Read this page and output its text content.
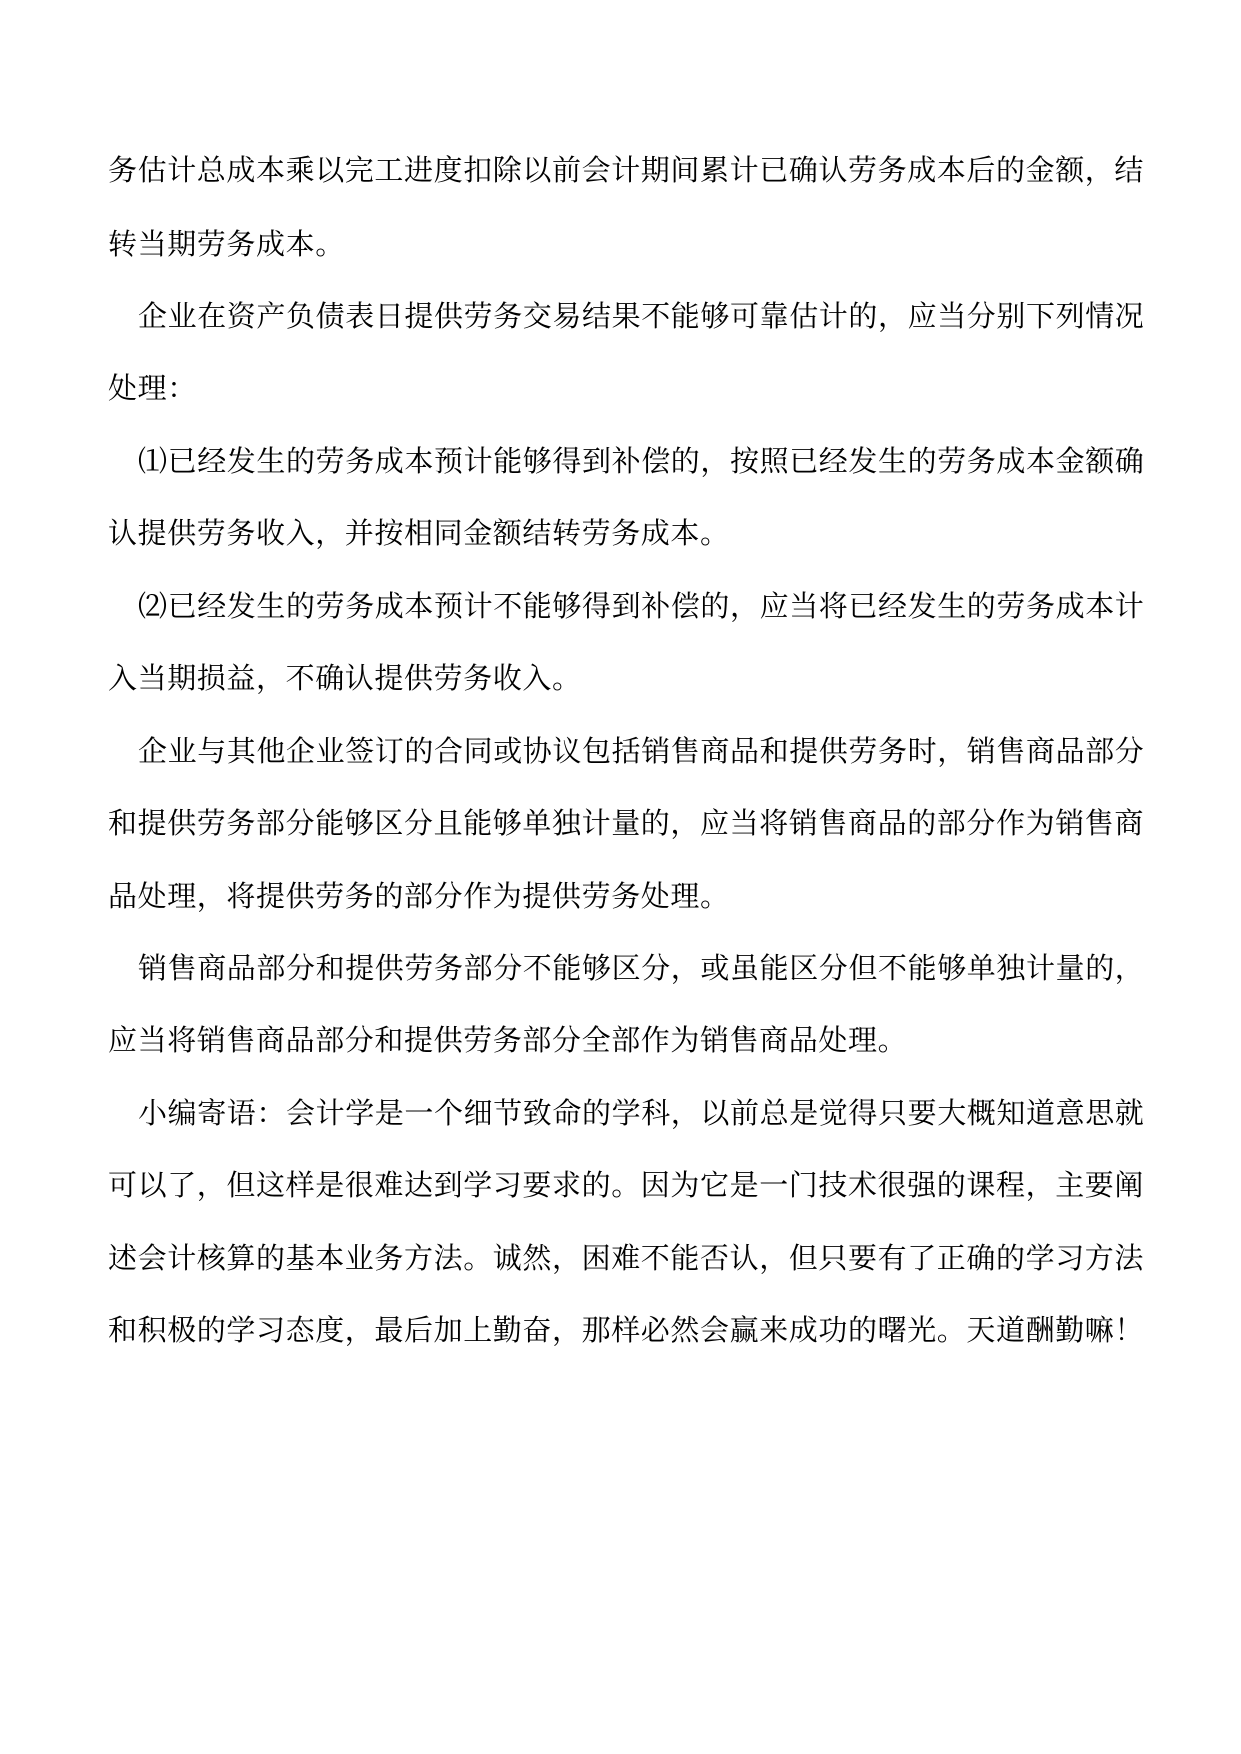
务估计总成本乘以完工进度扣除以前会计期间累计已确认劳务成本后的金额，结
转当期劳务成本。
企业在资产负债表日提供劳务交易结果不能够可靠估计的，应当分别下列情况
处理：
⑴已经发生的劳务成本预计能够得到补偿的，按照已经发生的劳务成本金额确
认提供劳务收入，并按相同金额结转劳务成本。
⑵已经发生的劳务成本预计不能够得到补偿的，应当将已经发生的劳务成本计
入当期损益，不确认提供劳务收入。
企业与其他企业签订的合同或协议包括销售商品和提供劳务时，销售商品部分
和提供劳务部分能够区分且能够单独计量的，应当将销售商品的部分作为销售商
品处理，将提供劳务的部分作为提供劳务处理。
销售商品部分和提供劳务部分不能够区分，或虽能区分但不能够单独计量的，
应当将销售商品部分和提供劳务部分全部作为销售商品处理。
小编寄语：会计学是一个细节致命的学科，以前总是觉得只要大概知道意思就
可以了，但这样是很难达到学习要求的。因为它是一门技术很强的课程，主要阐
述会计核算的基本业务方法。诚然，困难不能否认，但只要有了正确的学习方法
和积极的学习态度，最后加上勤奋，那样必然会赢来成功的曙光。天道酬勤嘛！
